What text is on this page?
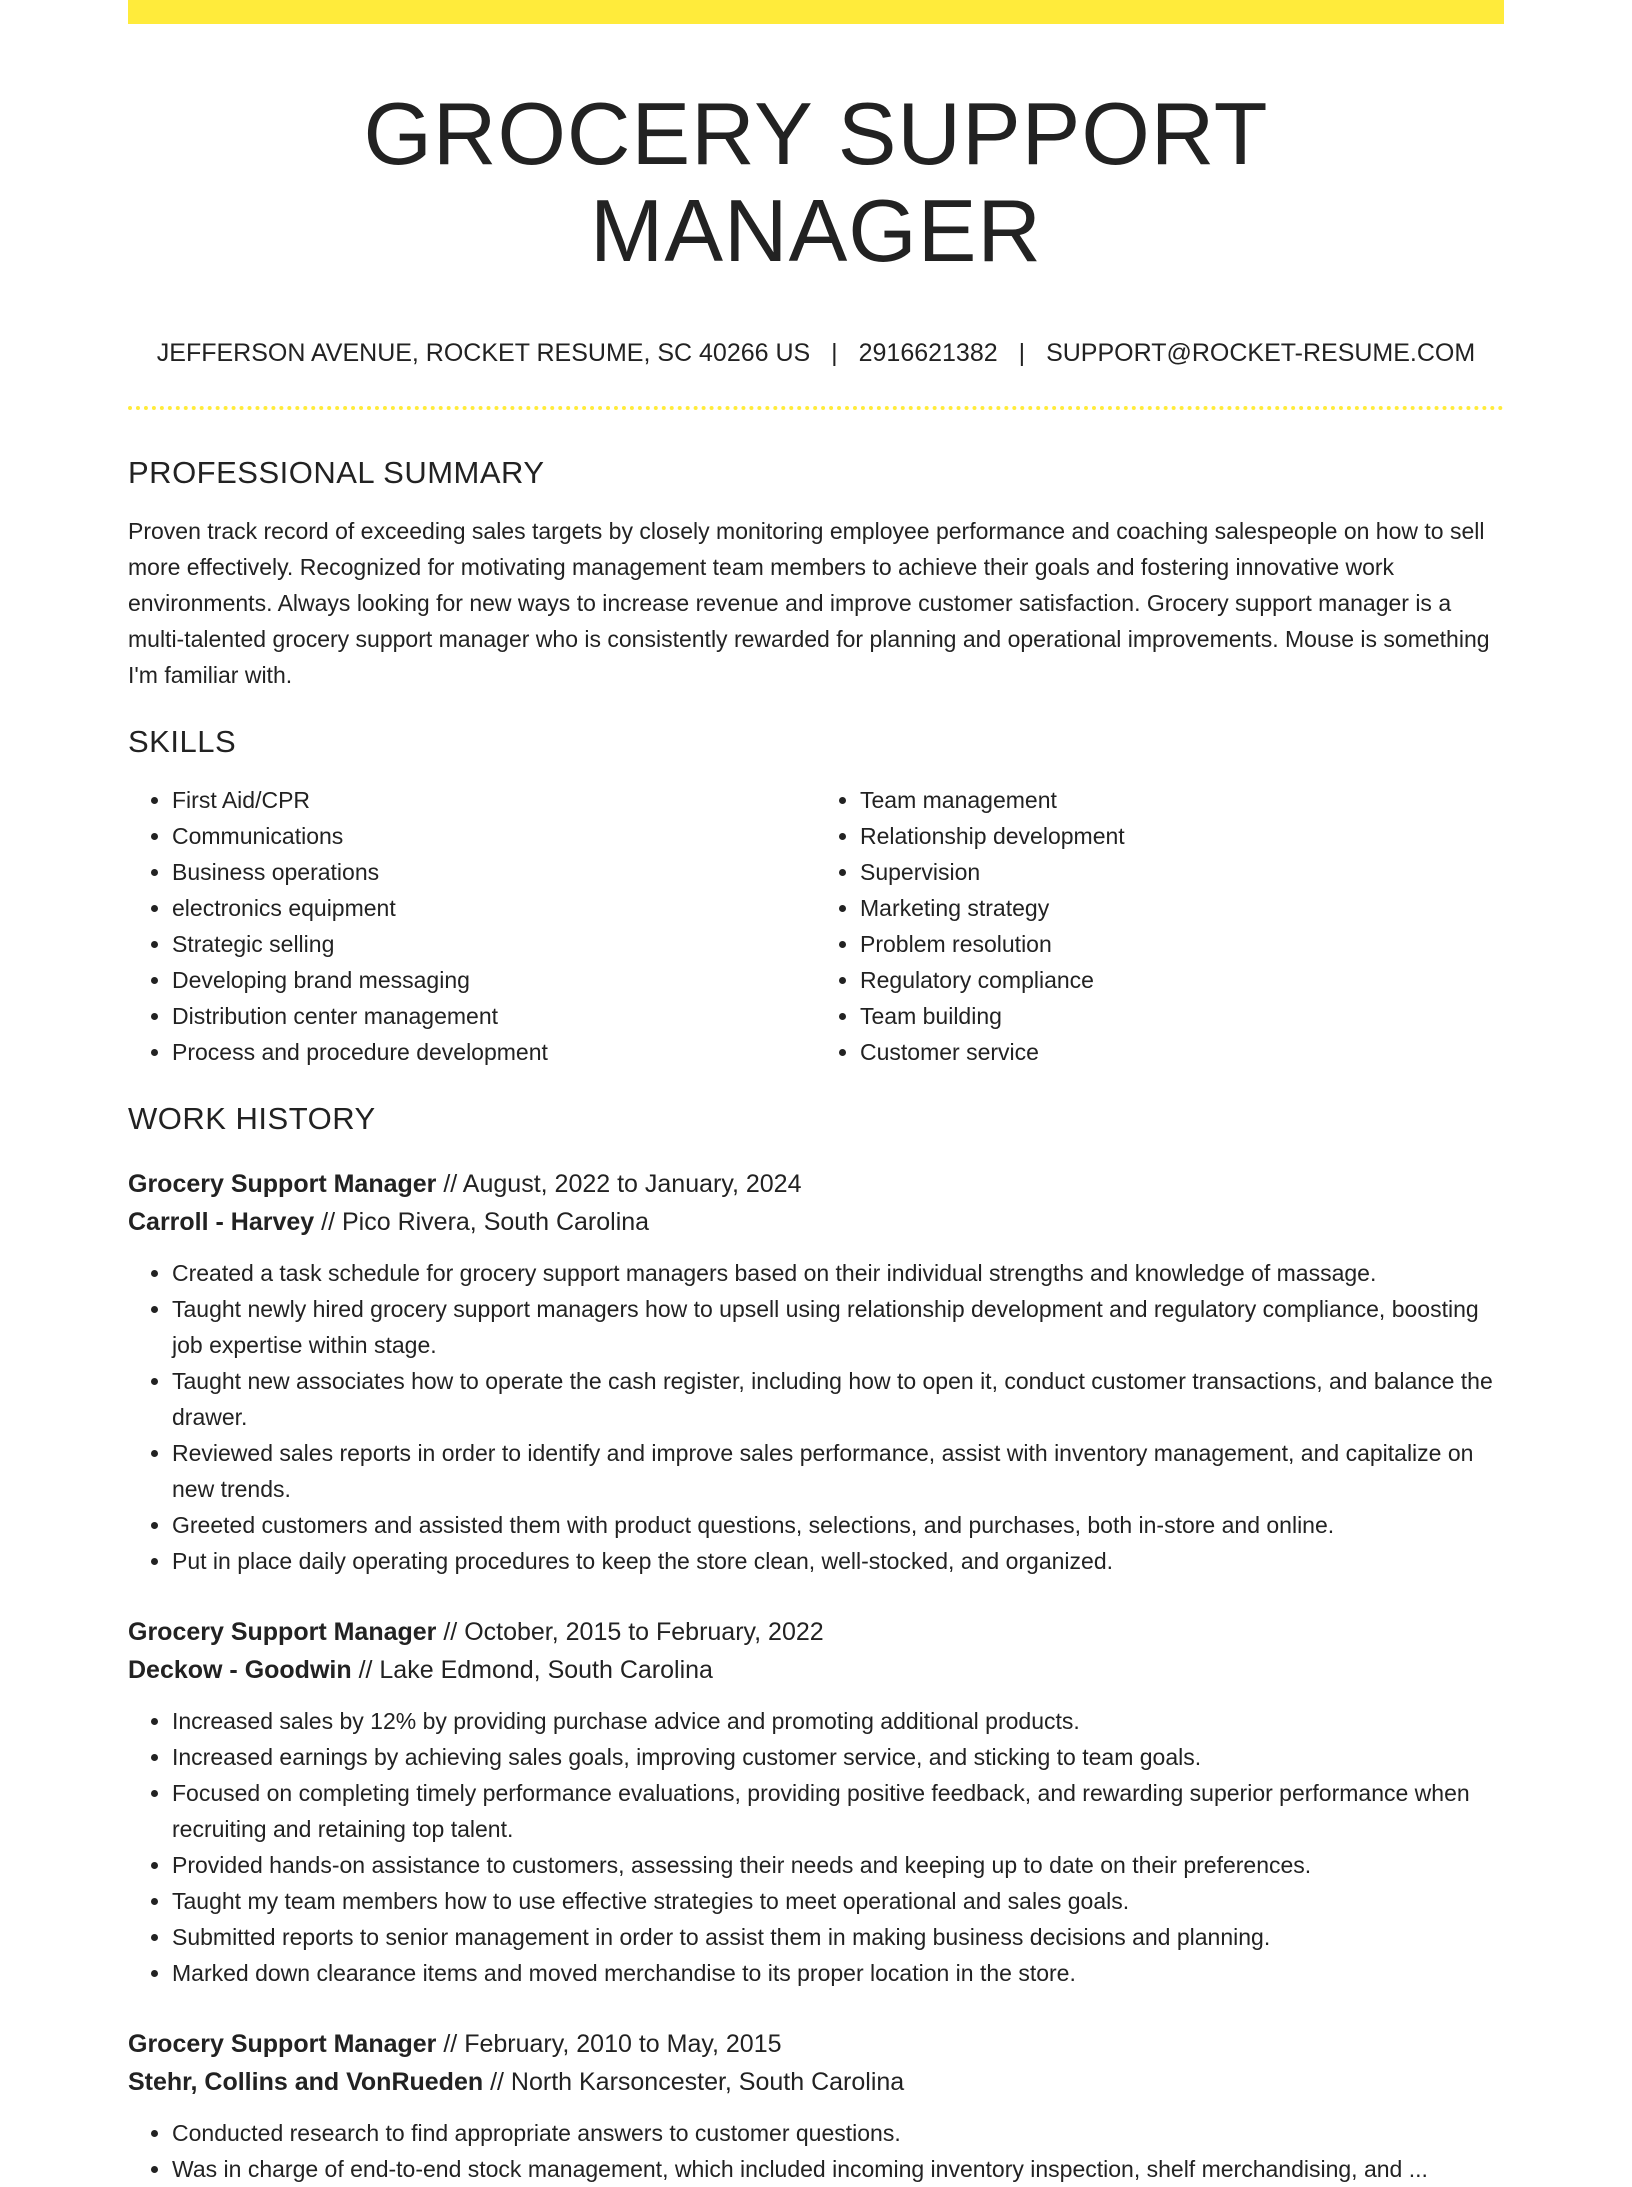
GROCERY SUPPORT MANAGER
JEFFERSON AVENUE, ROCKET RESUME, SC 40266 US | 2916621382 | SUPPORT@ROCKET-RESUME.COM
PROFESSIONAL SUMMARY

Proven track record of exceeding sales targets by closely monitoring employee performance and coaching salespeople on how to sell more effectively. Recognized for motivating management team members to achieve their goals and fostering innovative work environments. Always looking for new ways to increase revenue and improve customer satisfaction. Grocery support manager is a multi-talented grocery support manager who is consistently rewarded for planning and operational improvements. Mouse is something I'm familiar with.

SKILLS
• First Aid/CPR
• Communications
• Business operations
• electronics equipment
• Strategic selling
• Developing brand messaging
• Distribution center management
• Process and procedure development
• Team management
• Relationship development
• Supervision
• Marketing strategy
• Problem resolution
• Regulatory compliance
• Team building
• Customer service
WORK HISTORY
Grocery Support Manager // August, 2022 to January, 2024
Carroll - Harvey // Pico Rivera, South Carolina
• Created a task schedule for grocery support managers based on their individual strengths and knowledge of massage.
• Taught newly hired grocery support managers how to upsell using relationship development and regulatory compliance, boosting job expertise within stage.
• Taught new associates how to operate the cash register, including how to open it, conduct customer transactions, and balance the drawer.
• Reviewed sales reports in order to identify and improve sales performance, assist with inventory management, and capitalize on new trends.
• Greeted customers and assisted them with product questions, selections, and purchases, both in-store and online.
• Put in place daily operating procedures to keep the store clean, well-stocked, and organized.
Grocery Support Manager // October, 2015 to February, 2022
Deckow - Goodwin // Lake Edmond, South Carolina
• Increased sales by 12% by providing purchase advice and promoting additional products.
• Increased earnings by achieving sales goals, improving customer service, and sticking to team goals.
• Focused on completing timely performance evaluations, providing positive feedback, and rewarding superior performance when recruiting and retaining top talent.
• Provided hands-on assistance to customers, assessing their needs and keeping up to date on their preferences.
• Taught my team members how to use effective strategies to meet operational and sales goals.
• Submitted reports to senior management in order to assist them in making business decisions and planning.
• Marked down clearance items and moved merchandise to its proper location in the store.
Grocery Support Manager // February, 2010 to May, 2015
Stehr, Collins and VonRueden // North Karsoncester, South Carolina
• Conducted research to find appropriate answers to customer questions.
• Was in charge of end-to-end stock management, which included incoming inventory inspection, shelf merchandising, and ...
